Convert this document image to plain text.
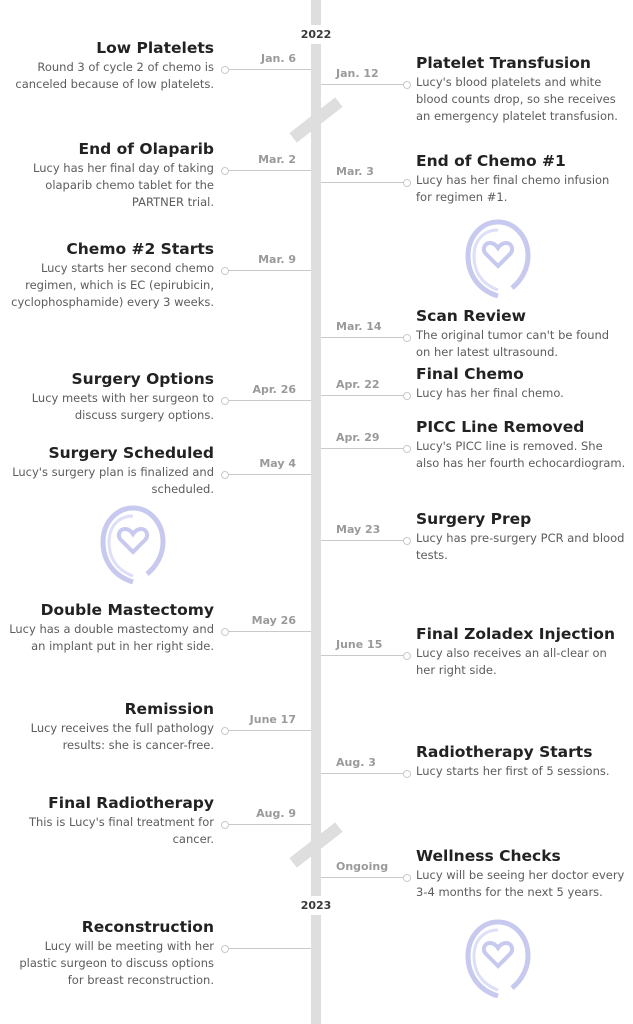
2022
2023
Low Platelets
Round 3 of cycle 2 of chemo is canceled because of low platelets.
Jan. 6
End of Olaparib
Lucy has her final day of taking olaparib chemo tablet for the PARTNER trial.
Mar. 2
Chemo #2 Starts
Lucy starts her second chemo regimen, which is EC (epirubicin, cyclophosphamide) every 3 weeks.
Mar. 9
Surgery Options
Lucy meets with her surgeon to discuss surgery options.
Apr. 26
Surgery Scheduled
Lucy's surgery plan is finalized and scheduled.
May 4
Double Mastectomy
Lucy has a double mastectomy and an implant put in her right side.
May 26
Remission
Lucy receives the full pathology results: she is cancer-free.
June 17
Final Radiotherapy
This is Lucy's final treatment for cancer.
Aug. 9
Reconstruction
Lucy will be meeting with her plastic surgeon to discuss options for breast reconstruction.
Platelet Transfusion
Lucy's blood platelets and white blood counts drop, so she receives an emergency platelet transfusion.
Jan. 12
End of Chemo #1
Lucy has her final chemo infusion for regimen #1.
Mar. 3
Scan Review
The original tumor can't be found on her latest ultrasound.
Mar. 14
Final Chemo
Lucy has her final chemo.
Apr. 22
PICC Line Removed
Lucy's PICC line is removed. She also has her fourth echocardiogram.
Apr. 29
Surgery Prep
Lucy has pre-surgery PCR and blood tests.
May 23
Final Zoladex Injection
Lucy also receives an all-clear on her right side.
June 15
Radiotherapy Starts
Lucy starts her first of 5 sessions.
Aug. 3
Wellness Checks
Lucy will be seeing her doctor every 3-4 months for the next 5 years.
Ongoing
